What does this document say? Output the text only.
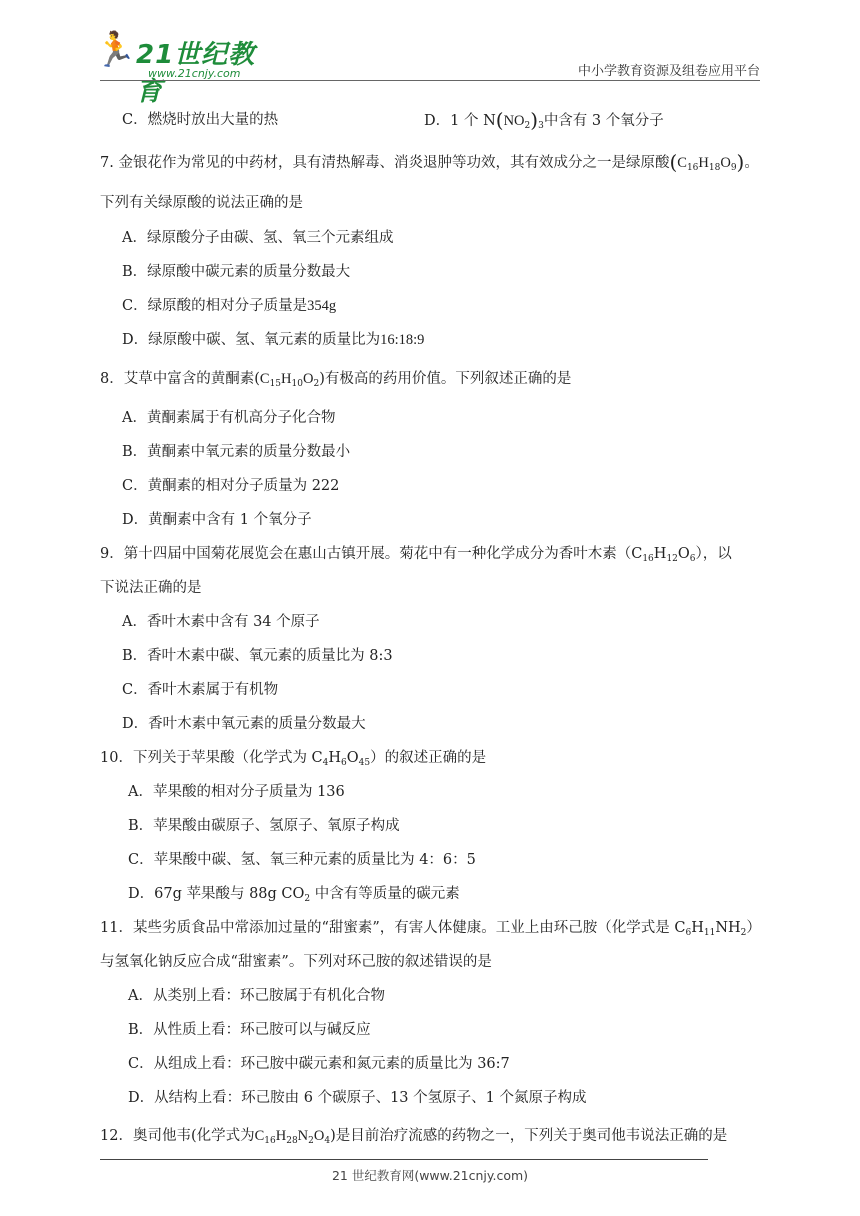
🏃 21世纪教育
www.21cnjy.com	中小学教育资源及组卷应用平台
C．燃烧时放出大量的热	D．1 个 $N(NO_2)_3$中含有 3 个氧分子
7. 金银花作为常见的中药材，具有清热解毒、消炎退肿等功效，其有效成分之一是绿原酸$(C_{16}H_{18}O_9)$。
下列有关绿原酸的说法正确的是
A．绿原酸分子由碳、氢、氧三个元素组成
B．绿原酸中碳元素的质量分数最大
C．绿原酸的相对分子质量是354g
D．绿原酸中碳、氢、氧元素的质量比为16:18:9
8．艾草中富含的黄酮素$(C_{15}H_{10}O_2)$有极高的药用价值。下列叙述正确的是
A．黄酮素属于有机高分子化合物
B．黄酮素中氧元素的质量分数最小
C．黄酮素的相对分子质量为 222
D．黄酮素中含有 1 个氧分子
9．第十四届中国菊花展览会在惠山古镇开展。菊花中有一种化学成分为香叶木素$(C_{16}H_{12}O_6)$，以
下说法正确的是
A．香叶木素中含有 34 个原子
B．香叶木素中碳、氧元素的质量比为 8:3
C．香叶木素属于有机物
D．香叶木素中氧元素的质量分数最大
10．下列关于苹果酸（化学式为 $C_4H_6O_{45}$）的叙述正确的是
A．苹果酸的相对分子质量为 136
B．苹果酸由碳原子、氢原子、氧原子构成
C．苹果酸中碳、氢、氧三种元素的质量比为 4：6：5
D．67g 苹果酸与 88g $CO_2$ 中含有等质量的碳元素
11．某些劣质食品中常添加过量的“甜蜜素”，有害人体健康。工业上由环己胺（化学式是 $C_6H_{11}NH_2$）
与氢氧化钠反应合成“甜蜜素”。下列对环己胺的叙述错误的是
A．从类别上看：环己胺属于有机化合物
B．从性质上看：环己胺可以与碱反应
C．从组成上看：环己胺中碳元素和氮元素的质量比为 36:7
D．从结构上看：环己胺由 6 个碳原子、13 个氢原子、1 个氮原子构成
12．奥司他韦(化学式为$C_{16}H_{28}N_2O_4$)是目前治疗流感的药物之一，下列关于奥司他韦说法正确的是
21 世纪教育网(www.21cnjy.com)
